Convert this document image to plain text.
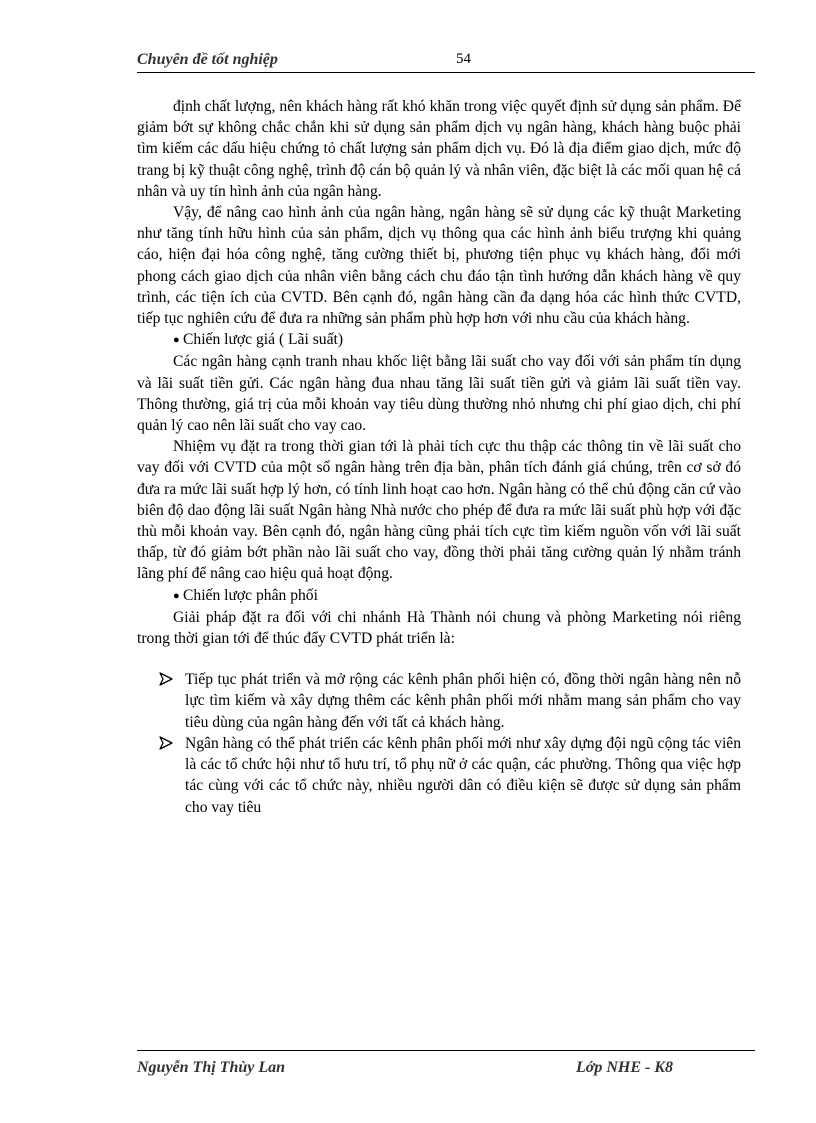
Chuyên đề tốt nghiệp	54

định chất lượng, nên khách hàng rất khó khăn trong việc quyết định sử dụng sản phẩm. Để giảm bớt sự không chắc chắn khi sử dụng sản phẩm dịch vụ ngân hàng, khách hàng buộc phải tìm kiếm các dấu hiệu chứng tỏ chất lượng sản phẩm dịch vụ. Đó là địa điểm giao dịch, mức độ trang bị kỹ thuật công nghệ, trình độ cán bộ quản lý và nhân viên, đặc biệt là các mối quan hệ cá nhân và uy tín hình ảnh của ngân hàng.

Vậy, để nâng cao hình ảnh của ngân hàng, ngân hàng sẽ sử dụng các kỹ thuật Marketing như tăng tính hữu hình của sản phẩm, dịch vụ thông qua các hình ảnh biểu trượng khi quảng cáo, hiện đại hóa công nghệ, tăng cường thiết bị, phương tiện phục vụ khách hàng, đổi mới phong cách giao dịch của nhân viên bằng cách chu đáo tận tình hướng dẫn khách hàng về quy trình, các tiện ích của CVTD. Bên cạnh đó, ngân hàng cần đa dạng hóa các hình thức CVTD, tiếp tục nghiên cứu để đưa ra những sản phẩm phù hợp hơn với nhu cầu của khách hàng.

● Chiến lược giá ( Lãi suất)

Các ngân hàng cạnh tranh nhau khốc liệt bằng lãi suất cho vay đối với sản phẩm tín dụng và lãi suất tiền gửi. Các ngân hàng đua nhau tăng lãi suất tiền gửi và giảm lãi suất tiền vay. Thông thường, giá trị của mỗi khoản vay tiêu dùng thường nhỏ nhưng chi phí giao dịch, chi phí quản lý cao nên lãi suất cho vay cao.

Nhiệm vụ đặt ra trong thời gian tới là phải tích cực thu thập các thông tin về lãi suất cho vay đối với CVTD của một số ngân hàng trên địa bàn, phân tích đánh giá chúng, trên cơ sở đó đưa ra mức lãi suất hợp lý hơn, có tính linh hoạt cao hơn. Ngân hàng có thể chủ động căn cứ vào biên độ dao động lãi suất Ngân hàng Nhà nước cho phép để đưa ra mức lãi suất phù hợp với đặc thù mỗi khoản vay. Bên cạnh đó, ngân hàng cũng phải tích cực tìm kiếm nguồn vốn với lãi suất thấp, từ đó giảm bớt phần nào lãi suất cho vay, đồng thời phải tăng cường quản lý nhằm tránh lãng phí để nâng cao hiệu quả hoạt động.

● Chiến lược phân phối

Giải pháp đặt ra đối với chi nhánh Hà Thành nói chung và phòng Marketing nói riêng trong thời gian tới để thúc đẩy CVTD phát triển là:

Tiếp tục phát triển và mở rộng các kênh phân phối hiện có, đồng thời ngân hàng nên nỗ lực tìm kiếm và xây dựng thêm các kênh phân phối mới nhằm mang sản phẩm cho vay tiêu dùng của ngân hàng đến với tất cả khách hàng.
Ngân hàng có thể phát triển các kênh phân phối mới như xây dựng đội ngũ cộng tác viên là các tổ chức hội như tổ hưu trí, tổ phụ nữ ở các quận, các phường. Thông qua việc hợp tác cùng với các tổ chức này, nhiều người dân có điều kiện sẽ được sử dụng sản phẩm cho vay tiêu
Nguyễn Thị Thùy Lan	Lớp NHE - K8
